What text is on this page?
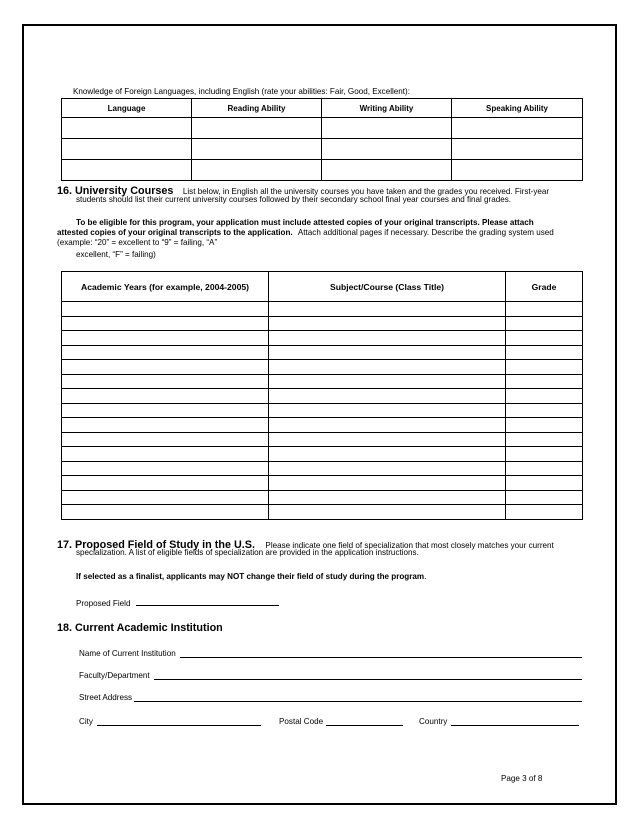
Knowledge of Foreign Languages, including English (rate your abilities: Fair, Good, Excellent):
Language	Reading Ability	Writing Ability	Speaking Ability

16. University Courses List below, in English all the university courses you have taken and the grades you received. First-year
students should list their current university courses followed by their secondary school final year courses and final grades.
To be eligible for this program, your application must include attested copies of your original transcripts. Please attach
attested copies of your original transcripts to the application. Attach additional pages if necessary. Describe the grading system used
(example: “20” = excellent to “9” = failing, “A”
excellent, “F” = failing)
Academic Years (for example, 2004-2005)	Subject/Course (Class Title)	Grade

17. Proposed Field of Study in the U.S. Please indicate one field of specialization that most closely matches your current
specialization. A list of eligible fields of specialization are provided in the application instructions.
If selected as a finalist, applicants may NOT change their field of study during the program.
Proposed Field
18. Current Academic Institution
Name of Current Institution
Faculty/Department
Street Address
City	Postal Code	Country
Page 3 of 8
